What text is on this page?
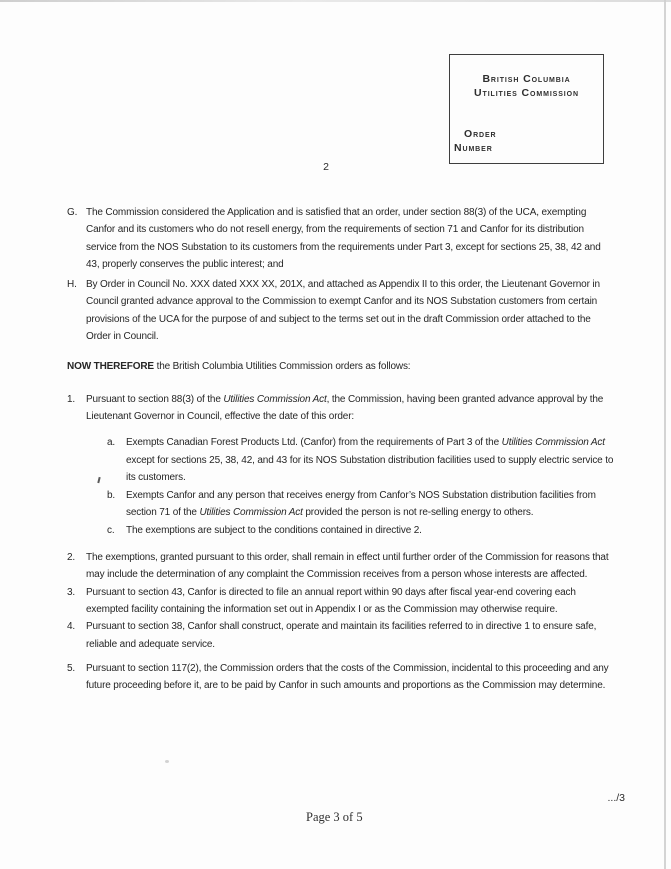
British Columbia
Utilities Commission
Order
Number
2
G. The Commission considered the Application and is satisfied that an order, under section 88(3) of the UCA, exempting Canfor and its customers who do not resell energy, from the requirements of section 71 and Canfor for its distribution service from the NOS Substation to its customers from the requirements under Part 3, except for sections 25, 38, 42 and 43, properly conserves the public interest; and
H. By Order in Council No. XXX dated XXX XX, 201X, and attached as Appendix II to this order, the Lieutenant Governor in Council granted advance approval to the Commission to exempt Canfor and its NOS Substation customers from certain provisions of the UCA for the purpose of and subject to the terms set out in the draft Commission order attached to the Order in Council.
NOW THEREFORE the British Columbia Utilities Commission orders as follows:
1.	Pursuant to section 88(3) of the Utilities Commission Act, the Commission, having been granted advance approval by the Lieutenant Governor in Council, effective the date of this order:
a.	Exempts Canadian Forest Products Ltd. (Canfor) from the requirements of Part 3 of the Utilities Commission Act except for sections 25, 38, 42, and 43 for its NOS Substation distribution facilities used to supply electric service to its customers.
b.	Exempts Canfor and any person that receives energy from Canfor’s NOS Substation distribution facilities from section 71 of the Utilities Commission Act provided the person is not re-selling energy to others.
c.	The exemptions are subject to the conditions contained in directive 2.
2.	The exemptions, granted pursuant to this order, shall remain in effect until further order of the Commission for reasons that may include the determination of any complaint the Commission receives from a person whose interests are affected.
3.	Pursuant to section 43, Canfor is directed to file an annual report within 90 days after fiscal year-end covering each exempted facility containing the information set out in Appendix I or as the Commission may otherwise require.
4.	Pursuant to section 38, Canfor shall construct, operate and maintain its facilities referred to in directive 1 to ensure safe, reliable and adequate service.
5.	Pursuant to section 117(2), the Commission orders that the costs of the Commission, incidental to this proceeding and any future proceeding before it, are to be paid by Canfor in such amounts and proportions as the Commission may determine.
.../3
Page 3 of 5
